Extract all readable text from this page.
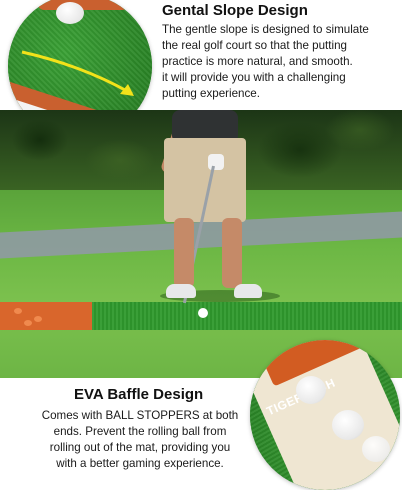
Gental Slope Design
The gentle slope is designed to simulate
the real golf court so that the putting
practice is more natural, and smooth.
it will provide you with a challenging
putting experience.
EVA Baffle Design
Comes with BALL STOPPERS at both
ends. Prevent the rolling ball from
rolling out of the mat, providing you
with a better gaming experience.
